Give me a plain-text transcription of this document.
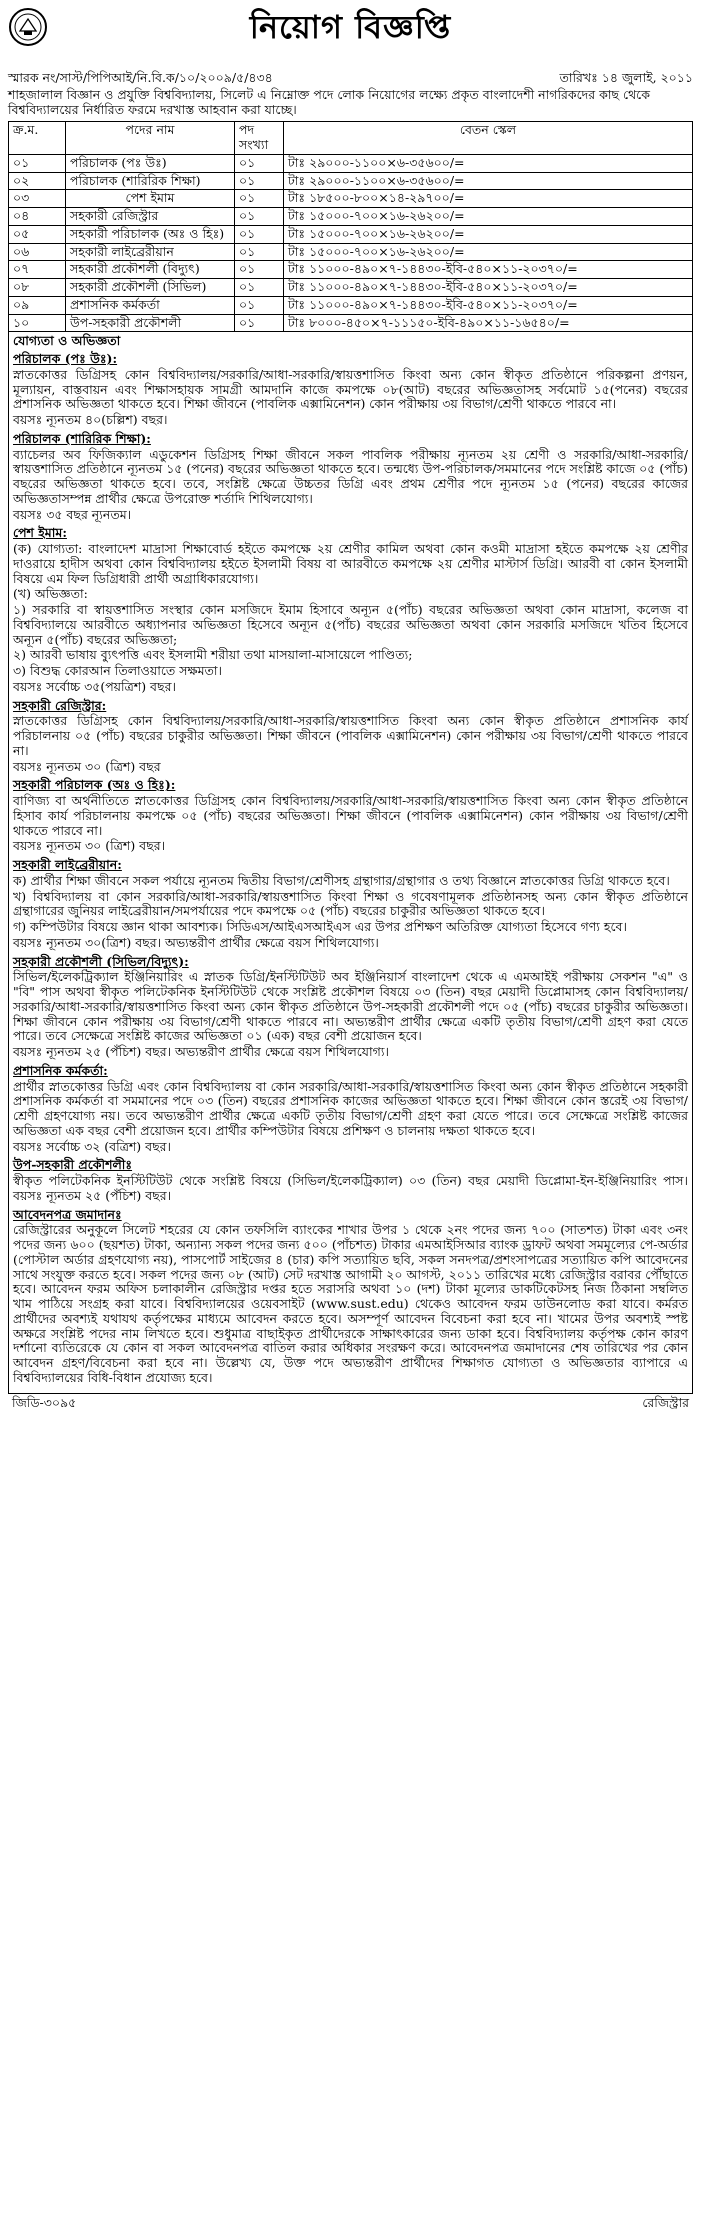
নিয়োগ বিজ্ঞপ্তি
স্মারক নং/সাস্ট/পিপিআই/নি.বি.ক/১০/২০০৯/৫/৪৩৪	তারিখঃ ১৪ জুলাই, ২০১১
শাহজালাল বিজ্ঞান ও প্রযুক্তি বিশ্ববিদ্যালয়, সিলেট এ নিম্নোক্ত পদে লোক নিয়োগের লক্ষ্যে প্রকৃত বাংলাদেশী নাগরিকদের কাছ থেকে বিশ্ববিদ্যালয়ের নির্ধারিত ফরমে দরখাস্ত আহবান করা যাচ্ছে।
ক্র.ম.	পদের নাম	পদ সংখ্যা	বেতন স্কেল
০১	পরিচালক (পঃ উঃ)	০১	টাঃ ২৯০০০-১১০০×৬-৩৫৬০০/=
০২	পরিচালক (শারিরিক শিক্ষা)	০১	টাঃ ২৯০০০-১১০০×৬-৩৫৬০০/=
০৩	পেশ ইমাম	০১	টাঃ ১৮৫০০-৮০০×১৪-২৯৭০০/=
০৪	সহকারী রেজিস্ট্রার	০১	টাঃ ১৫০০০-৭০০×১৬-২৬২০০/=
০৫	সহকারী পরিচালক (অঃ ও হিঃ)	০১	টাঃ ১৫০০০-৭০০×১৬-২৬২০০/=
০৬	সহকারী লাইব্রেরীয়ান	০১	টাঃ ১৫০০০-৭০০×১৬-২৬২০০/=
০৭	সহকারী প্রকৌশলী (বিদ্যুৎ)	০১	টাঃ ১১০০০-৪৯০×৭-১৪৪৩০-ইবি-৫৪০×১১-২০৩৭০/=
০৮	সহকারী প্রকৌশলী (সিভিল)	০১	টাঃ ১১০০০-৪৯০×৭-১৪৪৩০-ইবি-৫৪০×১১-২০৩৭০/=
০৯	প্রশাসনিক কর্মকর্তা	০১	টাঃ ১১০০০-৪৯০×৭-১৪৪৩০-ইবি-৫৪০×১১-২০৩৭০/=
১০	উপ-সহকারী প্রকৌশলী	০১	টাঃ ৮০০০-৪৫০×৭-১১১৫০-ইবি-৪৯০×১১-১৬৫৪০/=
যোগ্যতা ও অভিজ্ঞতা
পরিচালক (পঃ উঃ):

স্নাতকোত্তর ডিগ্রিসহ কোন বিশ্ববিদ্যালয়/সরকারি/আধা-সরকারি/স্বায়ত্তশাসিত কিংবা অন্য কোন স্বীকৃত প্রতিষ্ঠানে পরিকল্পনা প্রণয়ন, মূল্যায়ন, বাস্তবায়ন এবং শিক্ষাসহায়ক সামগ্রী আমদানি কাজে কমপক্ষে ০৮(আট) বছরের অভিজ্ঞতাসহ সর্বমোট ১৫(পনের) বছরের প্রশাসনিক অভিজ্ঞতা থাকতে হবে। শিক্ষা জীবনে (পাবলিক এক্সামিনেশন) কোন পরীক্ষায় ৩য় বিভাগ/শ্রেণী থাকতে পারবে না।

বয়সঃ ন্যূনতম ৪০(চল্লিশ) বছর।

পরিচালক (শারিরিক শিক্ষা):

ব্যাচেলর অব ফিজিক্যাল এডুকেশন ডিগ্রিসহ শিক্ষা জীবনে সকল পাবলিক পরীক্ষায় ন্যূনতম ২য় শ্রেণী ও সরকারি/আধা-সরকারি/স্বায়ত্তশাসিত প্রতিষ্ঠানে ন্যূনতম ১৫ (পনের) বছরের অভিজ্ঞতা থাকতে হবে। তন্মধ্যে উপ-পরিচালক/সমমানের পদে সংশ্লিষ্ট কাজে ০৫ (পাঁচ) বছরের অভিজ্ঞতা থাকতে হবে। তবে, সংশ্লিষ্ট ক্ষেত্রে উচ্চতর ডিগ্রি এবং প্রথম শ্রেণীর পদে ন্যূনতম ১৫ (পনের) বছরের কাজের অভিজ্ঞতাসম্পন্ন প্রার্থীর ক্ষেত্রে উপরোক্ত শর্তাদি শিথিলযোগ্য।

বয়সঃ ৩৫ বছর ন্যূনতম।

পেশ ইমাম:

(ক) যোগ্যতা: বাংলাদেশ মাদ্রাসা শিক্ষাবোর্ড হইতে কমপক্ষে ২য় শ্রেণীর কামিল অথবা কোন কওমী মাদ্রাসা হইতে কমপক্ষে ২য় শ্রেণীর দাওরায়ে হাদীস অথবা কোন বিশ্ববিদ্যালয় হইতে ইসলামী বিষয় বা আরবীতে কমপক্ষে ২য় শ্রেণীর মাস্টার্স ডিগ্রি। আরবী বা কোন ইসলামী বিষয়ে এম ফিল ডিগ্রিধারী প্রার্থী অগ্রাধিকারযোগ্য।

(খ) অভিজ্ঞতা:

১) সরকারি বা স্বায়ত্তশাসিত সংস্থার কোন মসজিদে ইমাম হিসাবে অন্যূন ৫(পাঁচ) বছরের অভিজ্ঞতা অথবা কোন মাদ্রাসা, কলেজ বা বিশ্ববিদ্যালয়ে আরবীতে অধ্যাপনার অভিজ্ঞতা হিসেবে অন্যূন ৫(পাঁচ) বছরের অভিজ্ঞতা অথবা কোন সরকারি মসজিদে খতিব হিসেবে অন্যূন ৫(পাঁচ) বছরের অভিজ্ঞতা;

২) আরবী ভাষায় ব্যুৎপত্তি এবং ইসলামী শরীয়া তথা মাসয়ালা-মাসায়েলে পাণ্ডিত্য;

৩) বিশুদ্ধ কোরআন তিলাওয়াতে সক্ষমতা।

বয়সঃ সর্বোচ্চ ৩৫(পয়ত্রিশ) বছর।

সহকারী রেজিস্ট্রার:

স্নাতকোত্তর ডিগ্রিসহ কোন বিশ্ববিদ্যালয়/সরকারি/আধা-সরকারি/স্বায়ত্তশাসিত কিংবা অন্য কোন স্বীকৃত প্রতিষ্ঠানে প্রশাসনিক কার্য পরিচালনায় ০৫ (পাঁচ) বছরের চাকুরীর অভিজ্ঞতা। শিক্ষা জীবনে (পাবলিক এক্সামিনেশন) কোন পরীক্ষায় ৩য় বিভাগ/শ্রেণী থাকতে পারবে না।

বয়সঃ ন্যূনতম ৩০ (ত্রিশ) বছর

সহকারী পরিচালক (অঃ ও হিঃ):

বাণিজ্য বা অর্থনীতিতে স্নাতকোত্তর ডিগ্রিসহ কোন বিশ্ববিদ্যালয়/সরকারি/আধা-সরকারি/স্বায়ত্তশাসিত কিংবা অন্য কোন স্বীকৃত প্রতিষ্ঠানে হিসাব কার্য পরিচালনায় কমপক্ষে ০৫ (পাঁচ) বছরের অভিজ্ঞতা। শিক্ষা জীবনে (পাবলিক এক্সামিনেশন) কোন পরীক্ষায় ৩য় বিভাগ/শ্রেণী থাকতে পারবে না।

বয়সঃ ন্যূনতম ৩০ (ত্রিশ) বছর।

সহকারী লাইব্রেরীয়ান:

ক) প্রার্থীর শিক্ষা জীবনে সকল পর্যায়ে ন্যূনতম দ্বিতীয় বিভাগ/শ্রেণীসহ গ্রন্থাগার/গ্রন্থাগার ও তথ্য বিজ্ঞানে স্নাতকোত্তর ডিগ্রি থাকতে হবে।

খ) বিশ্ববিদ্যালয় বা কোন সরকারি/আধা-সরকারি/স্বায়ত্তশাসিত কিংবা শিক্ষা ও গবেষণামূলক প্রতিষ্ঠানসহ অন্য কোন স্বীকৃত প্রতিষ্ঠানে গ্রন্থাগারের জুনিয়র লাইব্রেরীয়ান/সমপর্যায়ের পদে কমপক্ষে ০৫ (পাঁচ) বছরের চাকুরীর অভিজ্ঞতা থাকতে হবে।

গ) কম্পিউটার বিষয়ে জ্ঞান থাকা আবশ্যক। সিডিএস/আইএসআইএস এর উপর প্রশিক্ষণ অতিরিক্ত যোগ্যতা হিসেবে গণ্য হবে।

বয়সঃ ন্যূনতম ৩০(ত্রিশ) বছর। অভ্যন্তরীণ প্রার্থীর ক্ষেত্রে বয়স শিথিলযোগ্য।

সহকারী প্রকৌশলী (সিভিল/বিদ্যুৎ):

সিভিল/ইলেকট্রিক্যাল ইঞ্জিনিয়ারিং এ স্নাতক ডিগ্রি/ইনস্টিটিউট অব ইঞ্জিনিয়ার্স বাংলাদেশ থেকে এ এমআইই পরীক্ষায় সেকশন "এ" ও "বি" পাস অথবা স্বীকৃত পলিটেকনিক ইনস্টিটিউট থেকে সংশ্লিষ্ট প্রকৌশল বিষয়ে ০৩ (তিন) বছর মেয়াদী ডিপ্লোমাসহ কোন বিশ্ববিদ্যালয়/সরকারি/আধা-সরকারি/স্বায়ত্তশাসিত কিংবা অন্য কোন স্বীকৃত প্রতিষ্ঠানে উপ-সহকারী প্রকৌশলী পদে ০৫ (পাঁচ) বছরের চাকুরীর অভিজ্ঞতা। শিক্ষা জীবনে কোন পরীক্ষায় ৩য় বিভাগ/শ্রেণী থাকতে পারবে না। অভ্যন্তরীণ প্রার্থীর ক্ষেত্রে একটি তৃতীয় বিভাগ/শ্রেণী গ্রহণ করা যেতে পারে। তবে সেক্ষেত্রে সংশ্লিষ্ট কাজের অভিজ্ঞতা ০১ (এক) বছর বেশী প্রয়োজন হবে।

বয়সঃ ন্যূনতম ২৫ (পঁচিশ) বছর। অভ্যন্তরীণ প্রার্থীর ক্ষেত্রে বয়স শিথিলযোগ্য।

প্রশাসনিক কর্মকর্তা:

প্রার্থীর স্নাতকোত্তর ডিগ্রি এবং কোন বিশ্ববিদ্যালয় বা কোন সরকারি/আধা-সরকারি/স্বায়ত্তশাসিত কিংবা অন্য কোন স্বীকৃত প্রতিষ্ঠানে সহকারী প্রশাসনিক কর্মকর্তা বা সমমানের পদে ০৩ (তিন) বছরের প্রশাসনিক কাজের অভিজ্ঞতা থাকতে হবে। শিক্ষা জীবনে কোন স্তরেই ৩য় বিভাগ/শ্রেণী গ্রহণযোগ্য নয়। তবে অভ্যন্তরীণ প্রার্থীর ক্ষেত্রে একটি তৃতীয় বিভাগ/শ্রেণী গ্রহণ করা যেতে পারে। তবে সেক্ষেত্রে সংশ্লিষ্ট কাজের অভিজ্ঞতা এক বছর বেশী প্রয়োজন হবে। প্রার্থীর কম্পিউটার বিষয়ে প্রশিক্ষণ ও চালনায় দক্ষতা থাকতে হবে।

বয়সঃ সর্বোচ্চ ৩২ (বত্রিশ) বছর।

উপ-সহকারী প্রকৌশলীঃ

স্বীকৃত পলিটেকনিক ইনস্টিটিউট থেকে সংশ্লিষ্ট বিষয়ে (সিভিল/ইলেকট্রিক্যাল) ০৩ (তিন) বছর মেয়াদী ডিপ্লোমা-ইন-ইঞ্জিনিয়ারিং পাস। বয়সঃ ন্যূনতম ২৫ (পঁচিশ) বছর।

আবেদনপত্র জমাদানঃ

রেজিস্ট্রারের অনুকূলে সিলেট শহরের যে কোন তফসিলি ব্যাংকের শাখার উপর ১ থেকে ২নং পদের জন্য ৭০০ (সাতশত) টাকা এবং ৩নং পদের জন্য ৬০০ (ছয়শত) টাকা, অন্যান্য সকল পদের জন্য ৫০০ (পাঁচশত) টাকার এমআইসিআর ব্যাংক ড্রাফট অথবা সমমূল্যের পে-অর্ডার (পোস্টাল অর্ডার গ্রহণযোগ্য নয়), পাসপোর্ট সাইজের ৪ (চার) কপি সত্যায়িত ছবি, সকল সনদপত্র/প্রশংসাপত্রের সত্যায়িত কপি আবেদনের সাথে সংযুক্ত করতে হবে। সকল পদের জন্য ০৮ (আট) সেট দরখাস্ত আগামী ২০ আগস্ট, ২০১১ তারিখের মধ্যে রেজিস্ট্রার বরাবর পৌঁছাতে হবে। আবেদন ফরম অফিস চলাকালীন রেজিস্ট্রার দপ্তর হতে সরাসরি অথবা ১০ (দশ) টাকা মূল্যের ডাকটিকেটসহ নিজ ঠিকানা সম্বলিত খাম পাঠিয়ে সংগ্রহ করা যাবে। বিশ্ববিদ্যালয়ের ওয়েবসাইট (www.sust.edu) থেকেও আবেদন ফরম ডাউনলোড করা যাবে। কর্মরত প্রার্থীদের অবশ্যই যথাযথ কর্তৃপক্ষের মাধ্যমে আবেদন করতে হবে। অসম্পূর্ণ আবেদন বিবেচনা করা হবে না। খামের উপর অবশ্যই স্পষ্ট অক্ষরে সংশ্লিষ্ট পদের নাম লিখতে হবে। শুধুমাত্র বাছাইকৃত প্রার্থীদেরকে সাক্ষাৎকারের জন্য ডাকা হবে। বিশ্ববিদ্যালয় কর্তৃপক্ষ কোন কারণ দর্শানো ব্যতিরেকে যে কোন বা সকল আবেদনপত্র বাতিল করার অধিকার সংরক্ষণ করে। আবেদনপত্র জমাদানের শেষ তারিখের পর কোন আবেদন গ্রহণ/বিবেচনা করা হবে না। উল্লেখ্য যে, উক্ত পদে অভ্যন্তরীণ প্রার্থীদের শিক্ষাগত যোগ্যতা ও অভিজ্ঞতার ব্যাপারে এ বিশ্ববিদ্যালয়ের বিধি-বিধান প্রযোজ্য হবে।

জিডি-৩০৯৫	রেজিস্ট্রার
